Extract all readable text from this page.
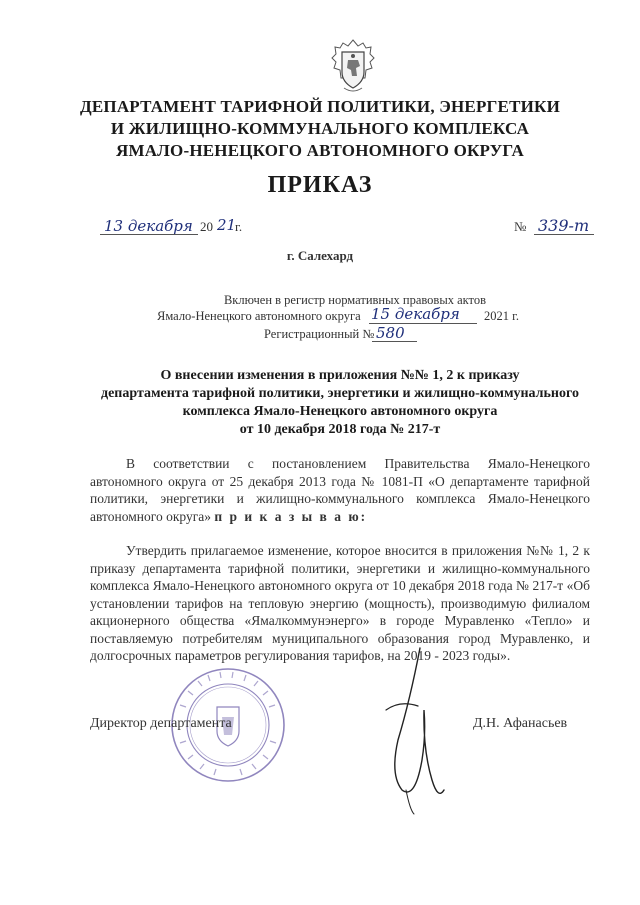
ДЕПАРТАМЕНТ ТАРИФНОЙ ПОЛИТИКИ, ЭНЕРГЕТИКИ
И ЖИЛИЩНО-КОММУНАЛЬНОГО КОМПЛЕКСА
ЯМАЛО-НЕНЕЦКОГО АВТОНОМНОГО ОКРУГА
ПРИКАЗ
13 декабря 20 21
г.	№ 339-т
г. Салехард
Включен в регистр нормативных правовых актов
Ямало-Ненецкого автономного округа 15 декабря 2021 г.
Регистрационный № 580
О внесении изменения в приложения №№ 1, 2 к приказу
департамента тарифной политики, энергетики и жилищно-коммунального
комплекса Ямало-Ненецкого автономного округа
от 10 декабря 2018 года № 217-т
В соответствии с постановлением Правительства Ямало-Ненецкого автономного округа от 25 декабря 2013 года № 1081-П «О департаменте тарифной политики, энергетики и жилищно-коммунального комплекса Ямало-Ненецкого автономного округа» п р и к а з ы в а ю:
Утвердить прилагаемое изменение, которое вносится в приложения №№ 1, 2 к приказу департамента тарифной политики, энергетики и жилищно-коммунального комплекса Ямало-Ненецкого автономного округа от 10 декабря 2018 года № 217-т «Об установлении тарифов на тепловую энергию (мощность), производимую филиалом акционерного общества «Ямалкоммунэнерго» в городе Муравленко «Тепло» и поставляемую потребителям муниципального образования город Муравленко, и долгосрочных параметров регулирования тарифов, на 2019 - 2023 годы».
Директор департамента	Д.Н. Афанасьев
